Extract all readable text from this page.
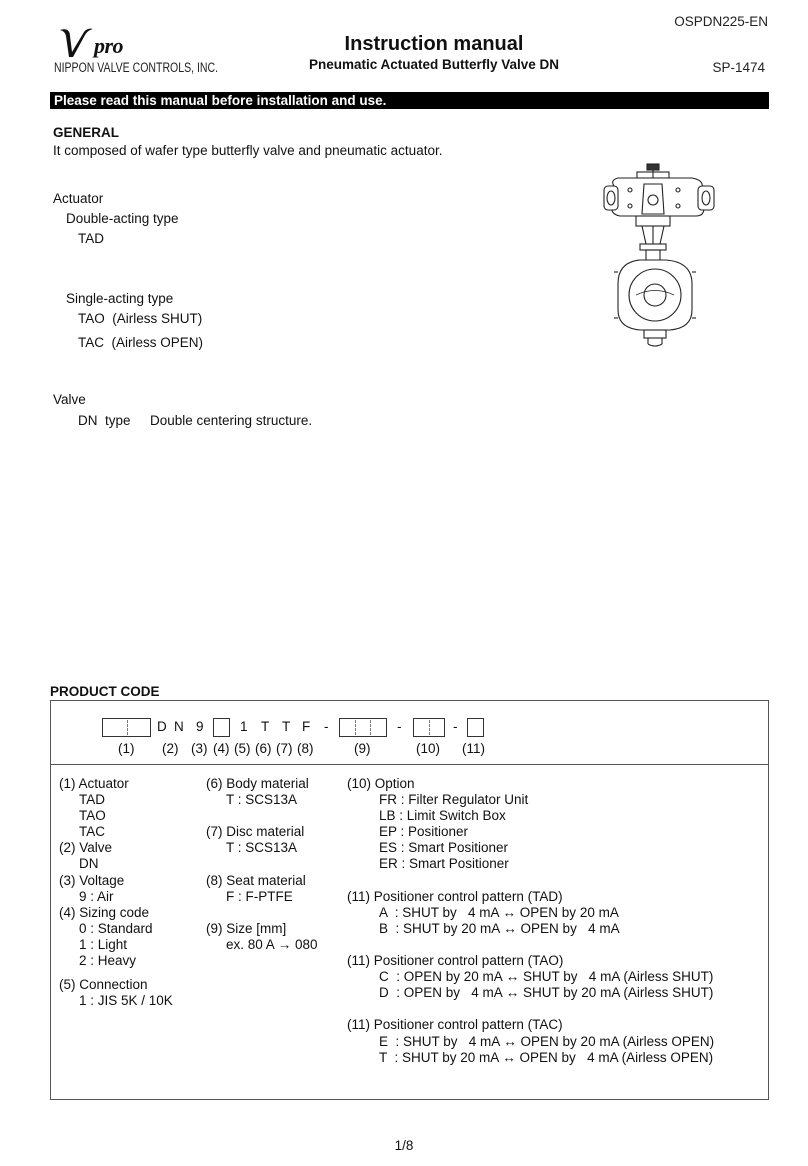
pro
NIPPON VALVE CONTROLS, INC.
OSPDN225-EN
Instruction manual
Pneumatic Actuated Butterfly Valve DN	SP-1474
Please read this manual before installation and use.
GENERAL
It composed of wafer type butterfly valve and pneumatic actuator.
Actuator
Double-acting type
TAD
Single-acting type
TAO  (Airless SHUT)
TAC  (Airless OPEN)
Valve
DN  type Double centering structure.
PRODUCT CODE
D N 9	1 T T F -	-	-
(1) (2) (3) (4) (5) (6) (7) (8)	(9)	(10) (11)
(1) Actuator
TAD
TAO
TAC
(2) Valve
DN
(3) Voltage
9 : Air
(4) Sizing code
0 : Standard
1 : Light
2 : Heavy
(5) Connection
1 : JIS 5K / 10K
(6) Body material
T : SCS13A
(7) Disc material
T : SCS13A
(8) Seat material
F : F-PTFE
(9) Size [mm]
ex. 80 A → 080
(10) Option
FR : Filter Regulator Unit
LB : Limit Switch Box
EP : Positioner
ES : Smart Positioner
ER : Smart Positioner
(11) Positioner control pattern (TAD)
A  : SHUT by   4 mA ↔ OPEN by 20 mA
B  : SHUT by 20 mA ↔ OPEN by   4 mA
(11) Positioner control pattern (TAO)
C  : OPEN by 20 mA ↔ SHUT by   4 mA (Airless SHUT)
D  : OPEN by   4 mA ↔ SHUT by 20 mA (Airless SHUT)
(11) Positioner control pattern (TAC)
E  : SHUT by   4 mA ↔ OPEN by 20 mA (Airless OPEN)
T  : SHUT by 20 mA ↔ OPEN by   4 mA (Airless OPEN)
1/8
